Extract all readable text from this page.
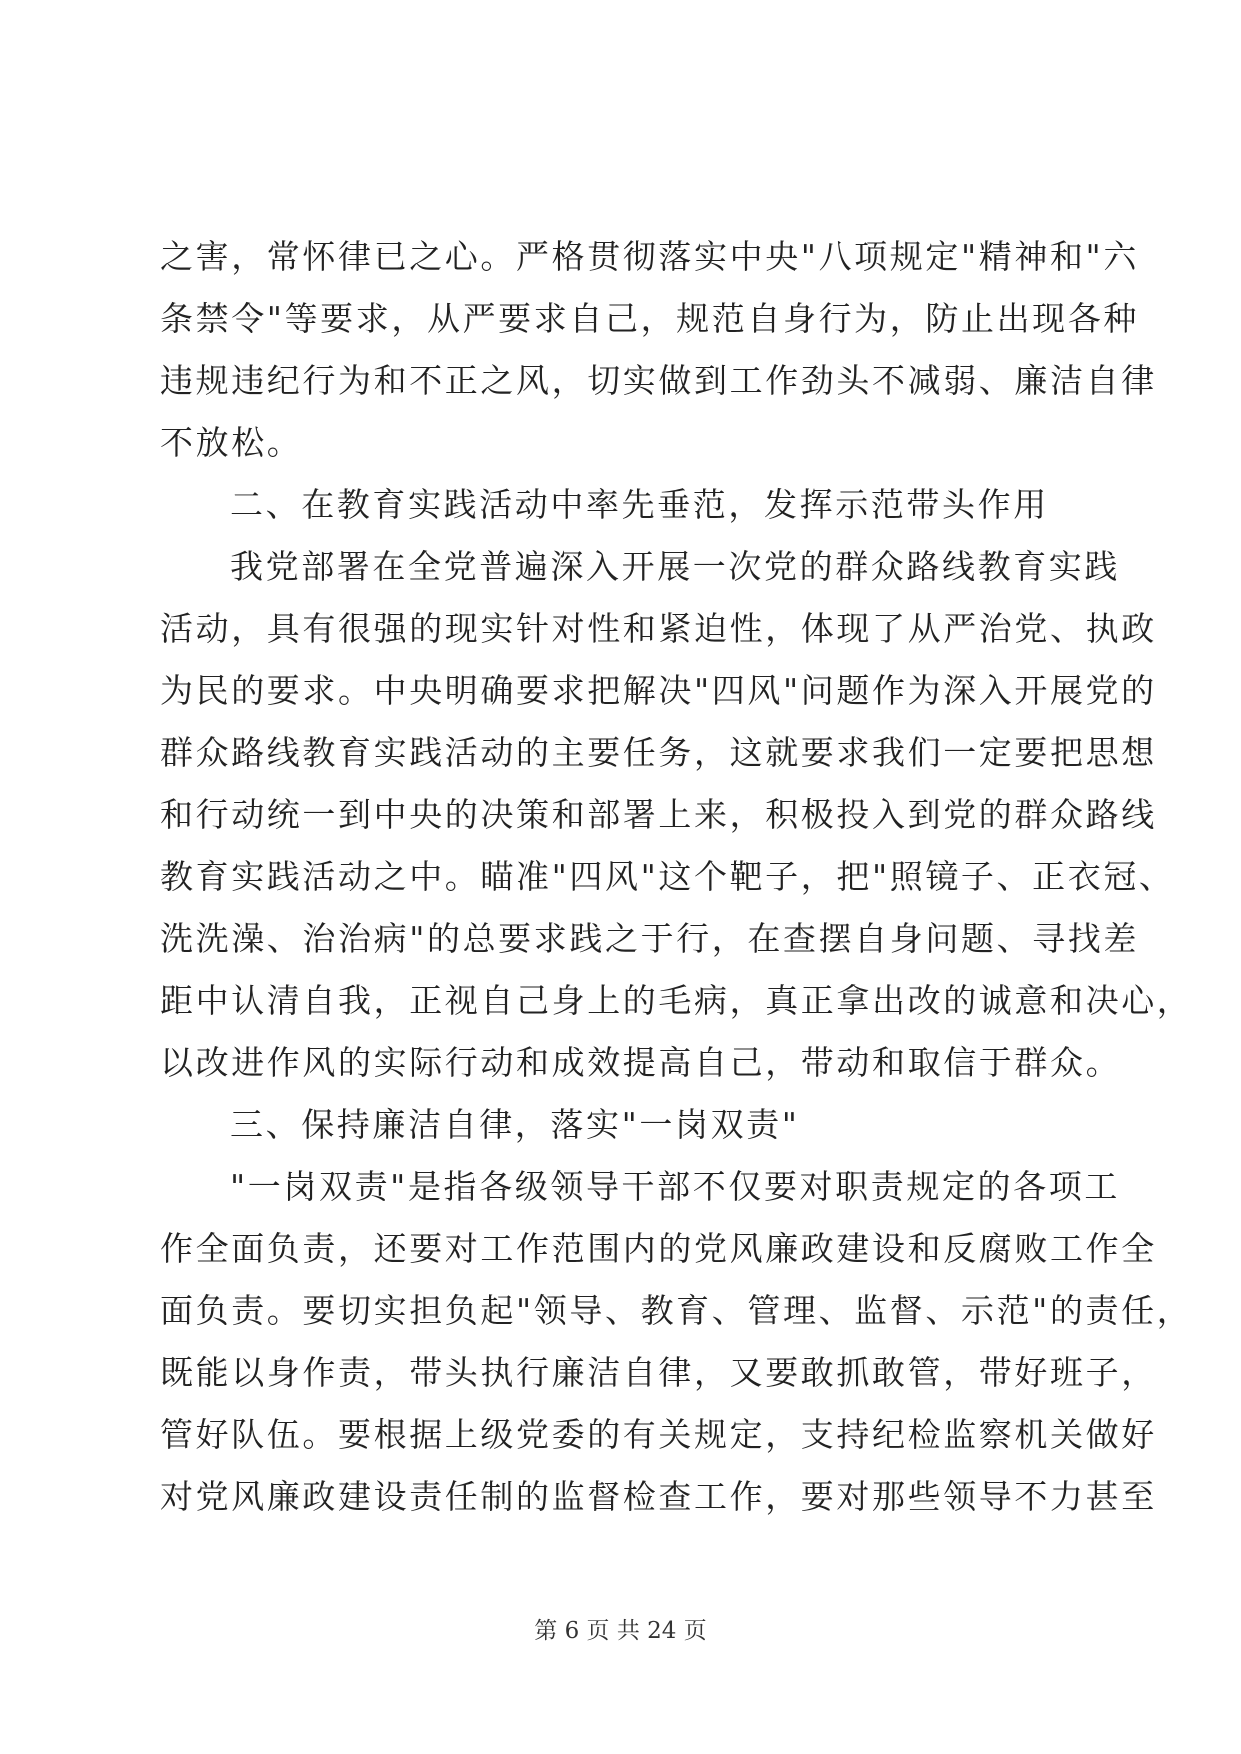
之害，常怀律已之心。严格贯彻落实中央"八项规定"精神和"六
条禁令"等要求，从严要求自己，规范自身行为，防止出现各种
违规违纪行为和不正之风，切实做到工作劲头不减弱、廉洁自律
不放松。
二、在教育实践活动中率先垂范，发挥示范带头作用
我党部署在全党普遍深入开展一次党的群众路线教育实践
活动，具有很强的现实针对性和紧迫性，体现了从严治党、执政
为民的要求。中央明确要求把解决"四风"问题作为深入开展党的
群众路线教育实践活动的主要任务，这就要求我们一定要把思想
和行动统一到中央的决策和部署上来，积极投入到党的群众路线
教育实践活动之中。瞄准"四风"这个靶子，把"照镜子、正衣冠、
洗洗澡、治治病"的总要求践之于行，在查摆自身问题、寻找差
距中认清自我，正视自己身上的毛病，真正拿出改的诚意和决心，
以改进作风的实际行动和成效提高自己，带动和取信于群众。
三、保持廉洁自律，落实"一岗双责"
"一岗双责"是指各级领导干部不仅要对职责规定的各项工
作全面负责，还要对工作范围内的党风廉政建设和反腐败工作全
面负责。要切实担负起"领导、教育、管理、监督、示范"的责任，
既能以身作责，带头执行廉洁自律，又要敢抓敢管，带好班子，
管好队伍。要根据上级党委的有关规定，支持纪检监察机关做好
对党风廉政建设责任制的监督检查工作，要对那些领导不力甚至
第 6 页 共 24 页
